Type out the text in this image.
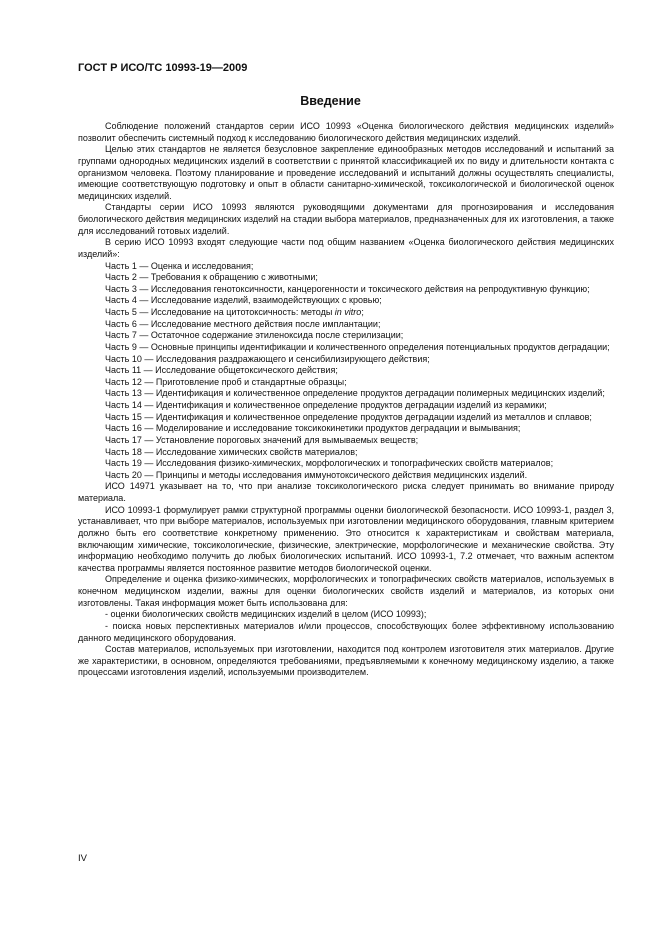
ГОСТ Р ИСО/ТС 10993-19—2009
Введение

Соблюдение положений стандартов серии ИСО 10993 «Оценка биологического действия медицинских изделий» позволит обеспечить системный подход к исследованию биологического действия медицинских изделий.

Целью этих стандартов не является безусловное закрепление единообразных методов исследований и испытаний за группами однородных медицинских изделий в соответствии с принятой классификацией их по виду и длительности контакта с организмом человека. Поэтому планирование и проведение исследований и испытаний должны осуществлять специалисты, имеющие соответствующую подготовку и опыт в области санитарно-химической, токсикологической и биологической оценок медицинских изделий.

Стандарты серии ИСО 10993 являются руководящими документами для прогнозирования и исследования биологического действия медицинских изделий на стадии выбора материалов, предназначенных для их изготовления, а также для исследований готовых изделий.

В серию ИСО 10993 входят следующие части под общим названием «Оценка биологического действия медицинских изделий»:

Часть 1 — Оценка и исследования;

Часть 2 — Требования к обращению с животными;

Часть 3 — Исследования генотоксичности, канцерогенности и токсического действия на репродуктивную функцию;

Часть 4 — Исследование изделий, взаимодействующих с кровью;

Часть 5 — Исследование на цитотоксичность: методы in vitro;

Часть 6 — Исследование местного действия после имплантации;

Часть 7 — Остаточное содержание этиленоксида после стерилизации;

Часть 9 — Основные принципы идентификации и количественного определения потенциальных продуктов деградации;

Часть 10 — Исследования раздражающего и сенсибилизирующего действия;

Часть 11 — Исследование общетоксического действия;

Часть 12 — Приготовление проб и стандартные образцы;

Часть 13 — Идентификация и количественное определение продуктов деградации полимерных медицинских изделий;

Часть 14 — Идентификация и количественное определение продуктов деградации изделий из керамики;

Часть 15 — Идентификация и количественное определение продуктов деградации изделий из металлов и сплавов;

Часть 16 — Моделирование и исследование токсикокинетики продуктов деградации и вымывания;

Часть 17 — Установление пороговых значений для вымываемых веществ;

Часть 18 — Исследование химических свойств материалов;

Часть 19 — Исследования физико-химических, морфологических и топографических свойств материалов;

Часть 20 — Принципы и методы исследования иммунотоксического действия медицинских изделий.

ИСО 14971 указывает на то, что при анализе токсикологического риска следует принимать во внимание природу материала.

ИСО 10993-1 формулирует рамки структурной программы оценки биологической безопасности. ИСО 10993-1, раздел 3, устанавливает, что при выборе материалов, используемых при изготовлении медицинского оборудования, главным критерием должно быть его соответствие конкретному применению. Это относится к характеристикам и свойствам материала, включающим химические, токсикологические, физические, электрические, морфологические и механические свойства. Эту информацию необходимо получить до любых биологических испытаний. ИСО 10993-1, 7.2 отмечает, что важным аспектом качества программы является постоянное развитие методов биологической оценки.

Определение и оценка физико-химических, морфологических и топографических свойств материалов, используемых в конечном медицинском изделии, важны для оценки биологических свойств изделий и материалов, из которых они изготовлены. Такая информация может быть использована для:

- оценки биологических свойств медицинских изделий в целом (ИСО 10993);

- поиска новых перспективных материалов и/или процессов, способствующих более эффективному использованию данного медицинского оборудования.

Состав материалов, используемых при изготовлении, находится под контролем изготовителя этих материалов. Другие же характеристики, в основном, определяются требованиями, предъявляемыми к конечному медицинскому изделию, а также процессами изготовления изделий, используемыми производителем.

IV
